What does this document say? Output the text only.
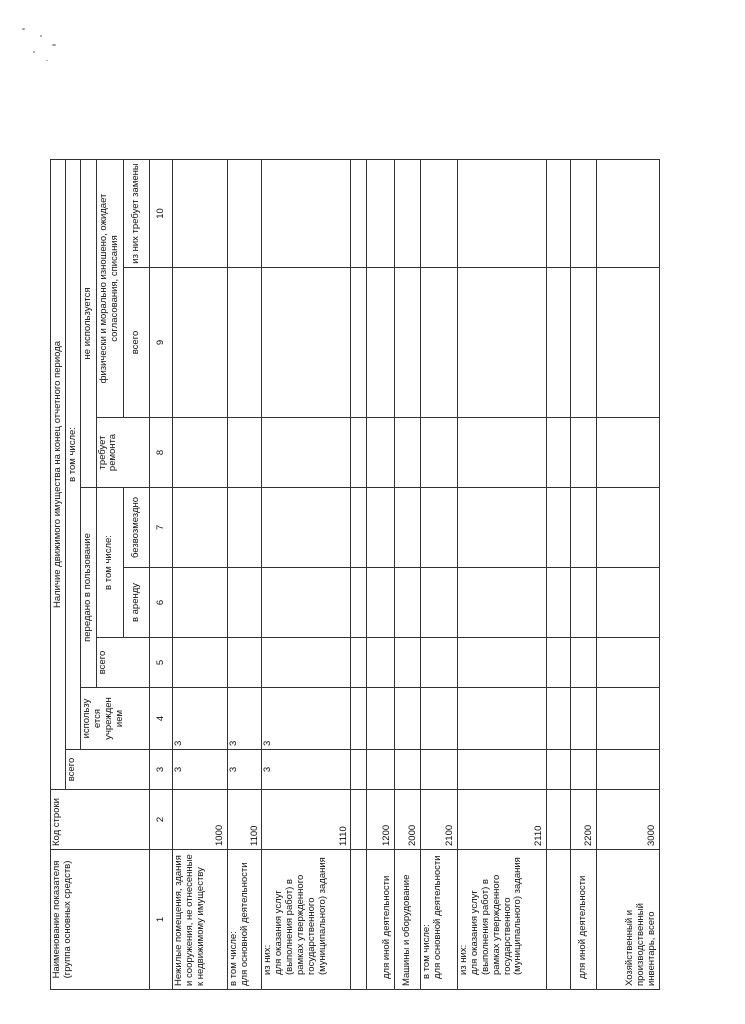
Наименование показателя (группа основных средств)	Код строки	Наличие движимого имущества на конец отчетного периода							
		всего	в том числе:						
			использу ется учрежден ием	передано в пользование			не используется		
				всего	в том числе:		требует ремонта	физически и морально изношено, ожидает согласования, списания	
					в аренду	безвозмездно		всего	из них требует замены

1	2	3	4	5	6	7	8	9	10
Нежилые помещения, здания и сооружения, не отнесенные к недвижимому имуществу	1000	3	3						
в том числе:
для основной деятельности	1100	3	3						
из них:
для оказания услуг (выполнения работ) в рамках утвержденного государственного (муниципального) задания	1110	3	3						

для иной деятельности	1200								
Машины и оборудование	2000								
в том числе:
для основной деятельности	2100								
из них:
для оказания услуг (выполнения работ) в рамках утвержденного государственного (муниципального) задания	2110								

для иной деятельности	2200								
Хозяйственный и производственный инвентарь, всего	3000								
